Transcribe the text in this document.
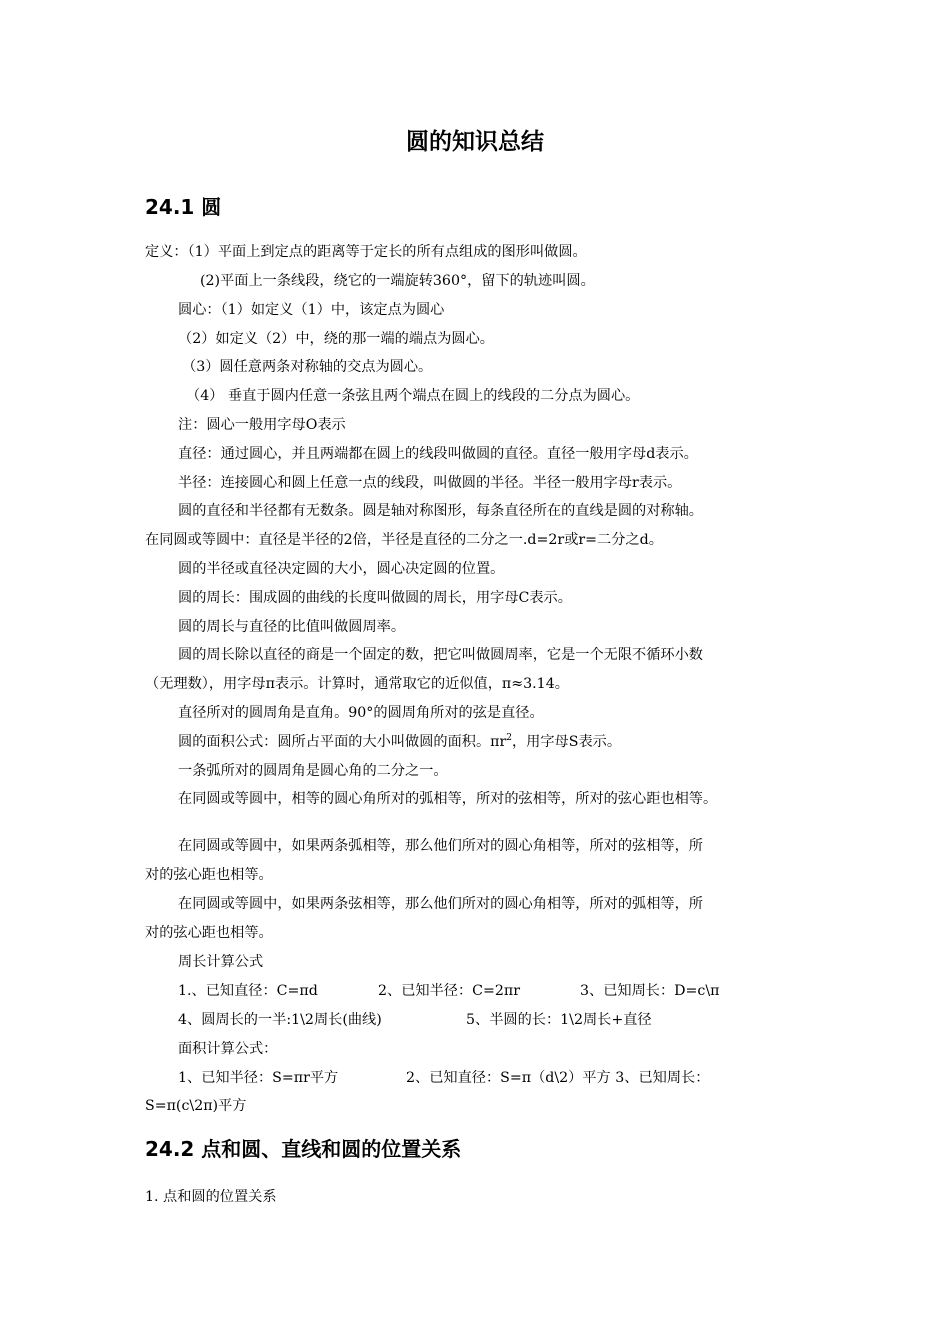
圆的知识总结
24.1 圆
定义：（1）平面上到定点的距离等于定长的所有点组成的图形叫做圆。
(2)平面上一条线段，绕它的一端旋转360°，留下的轨迹叫圆。
圆心：（1）如定义（1）中，该定点为圆心
（2）如定义（2）中，绕的那一端的端点为圆心。
（3）圆任意两条对称轴的交点为圆心。
（4） 垂直于圆内任意一条弦且两个端点在圆上的线段的二分点为圆心。
注：圆心一般用字母O表示
直径：通过圆心，并且两端都在圆上的线段叫做圆的直径。直径一般用字母d表示。
半径：连接圆心和圆上任意一点的线段，叫做圆的半径。半径一般用字母r表示。
圆的直径和半径都有无数条。圆是轴对称图形，每条直径所在的直线是圆的对称轴。
在同圆或等圆中：直径是半径的2倍，半径是直径的二分之一.d=2r或r=二分之d。
圆的半径或直径决定圆的大小，圆心决定圆的位置。
圆的周长：围成圆的曲线的长度叫做圆的周长，用字母C表示。
圆的周长与直径的比值叫做圆周率。
圆的周长除以直径的商是一个固定的数，把它叫做圆周率，它是一个无限不循环小数
（无理数），用字母π表示。计算时，通常取它的近似值，π≈3.14。
直径所对的圆周角是直角。90°的圆周角所对的弦是直径。
圆的面积公式：圆所占平面的大小叫做圆的面积。$\pi r^2$，用字母S表示。
一条弧所对的圆周角是圆心角的二分之一。
在同圆或等圆中，相等的圆心角所对的弧相等，所对的弦相等，所对的弦心距也相等。
在同圆或等圆中，如果两条弧相等，那么他们所对的圆心角相等，所对的弦相等，所
对的弦心距也相等。
在同圆或等圆中，如果两条弦相等，那么他们所对的圆心角相等，所对的弧相等，所
对的弦心距也相等。
周长计算公式
1.、已知直径：C=πd	2、已知半径：C=2πr	3、已知周长：D=c\π
4、圆周长的一半:1\2周长(曲线)	5、半圆的长：1\2周长+直径
面积计算公式：
1、已知半径：S=πr平方	2、已知直径：S=π（d\2）平方 3、已知周长：
S=π(c\2π)平方
24.2 点和圆、直线和圆的位置关系
1. 点和圆的位置关系
